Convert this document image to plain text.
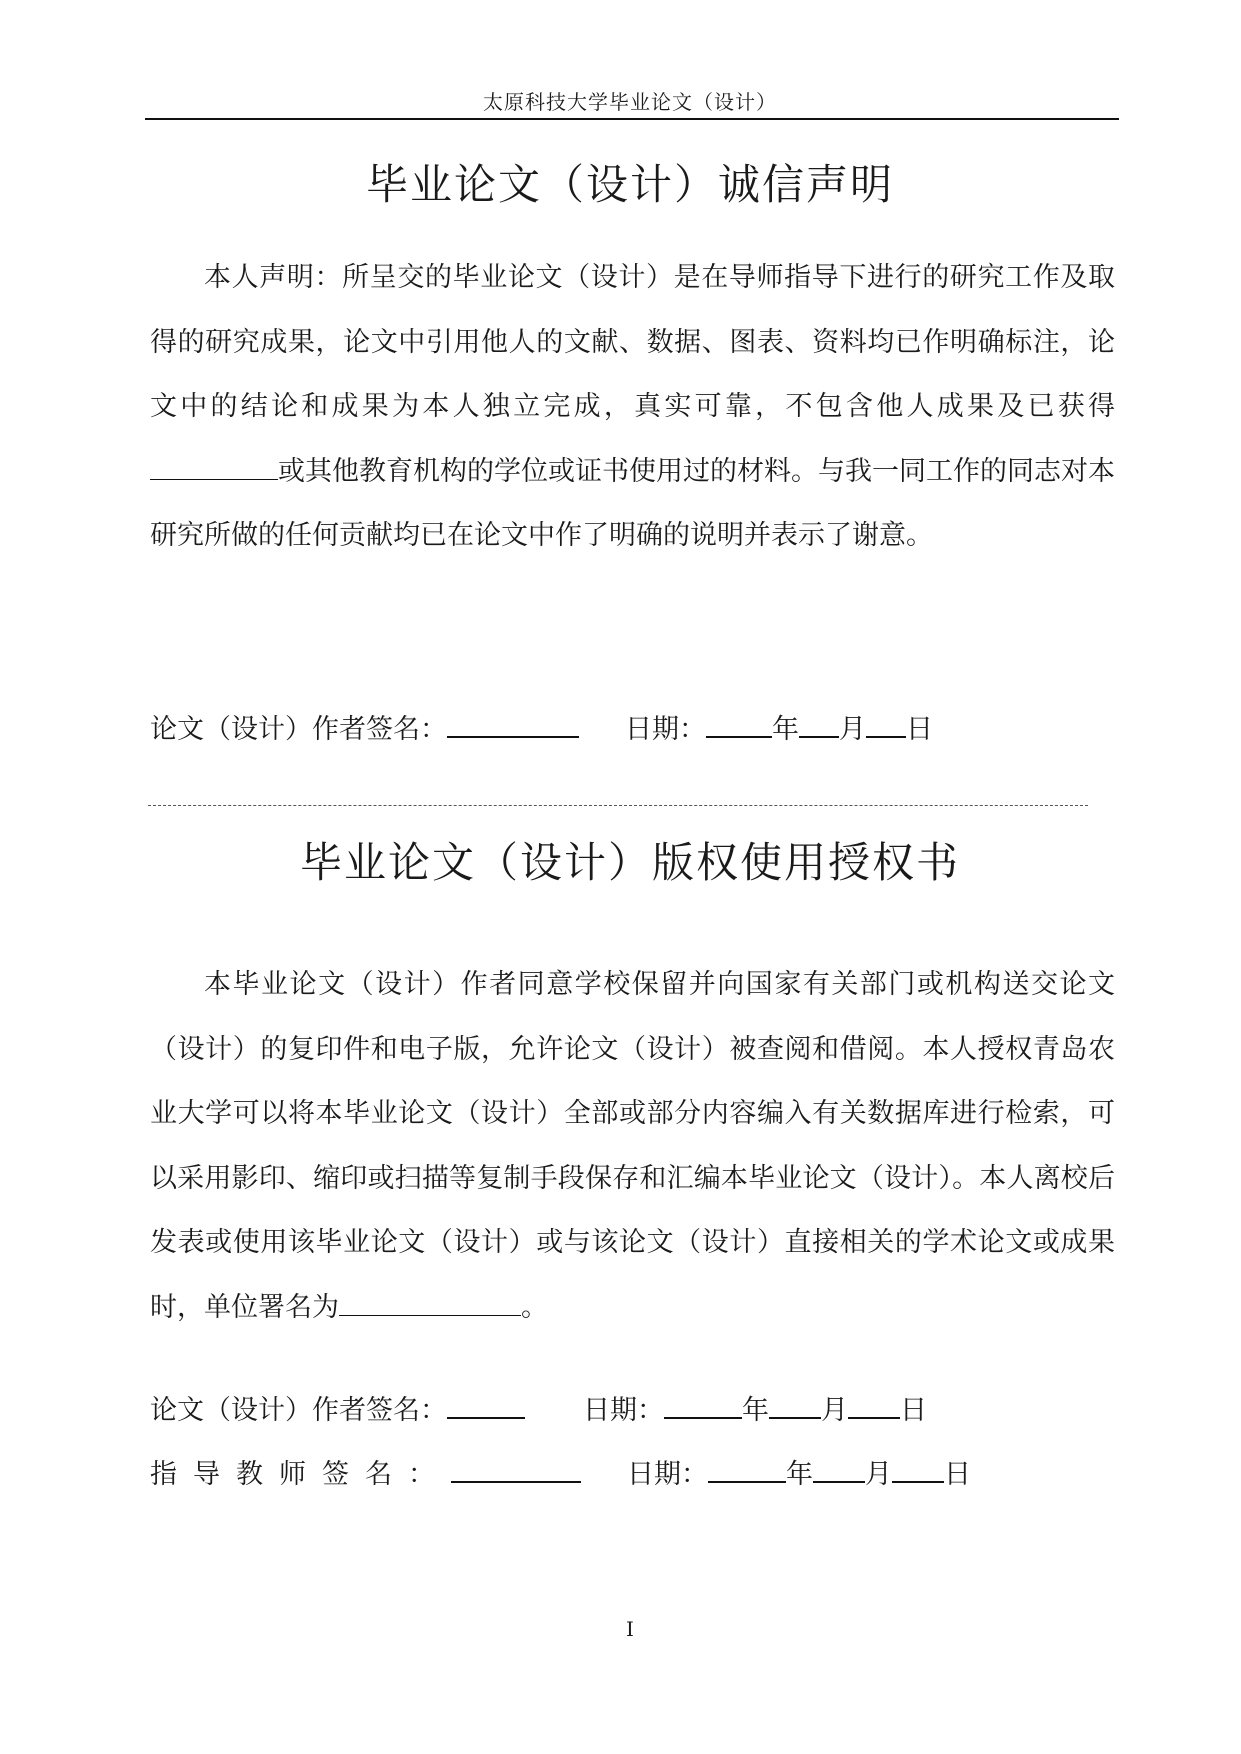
太原科技大学毕业论文（设计）
毕业论文（设计）诚信声明
本人声明：所呈交的毕业论文（设计）是在导师指导下进行的研究工作及取得的研究成果，论文中引用他人的文献、数据、图表、资料均已作明确标注，论文中的结论和成果为本人独立完成，真实可靠，不包含他人成果及已获得或其他教育机构的学位或证书使用过的材料。与我一同工作的同志对本研究所做的任何贡献均已在论文中作了明确的说明并表示了谢意。
论文（设计）作者签名：	日期： 年 月 日
毕业论文（设计）版权使用授权书
本毕业论文（设计）作者同意学校保留并向国家有关部门或机构送交论文（设计）的复印件和电子版，允许论文（设计）被查阅和借阅。本人授权青岛农业大学可以将本毕业论文（设计）全部或部分内容编入有关数据库进行检索，可以采用影印、缩印或扫描等复制手段保存和汇编本毕业论文（设计）。本人离校后发表或使用该毕业论文（设计）或与该论文（设计）直接相关的学术论文或成果时，单位署名为	。
论文（设计）作者签名：	日期：	年 月 日
指导教师签名：	日期：	年 月 日
I
